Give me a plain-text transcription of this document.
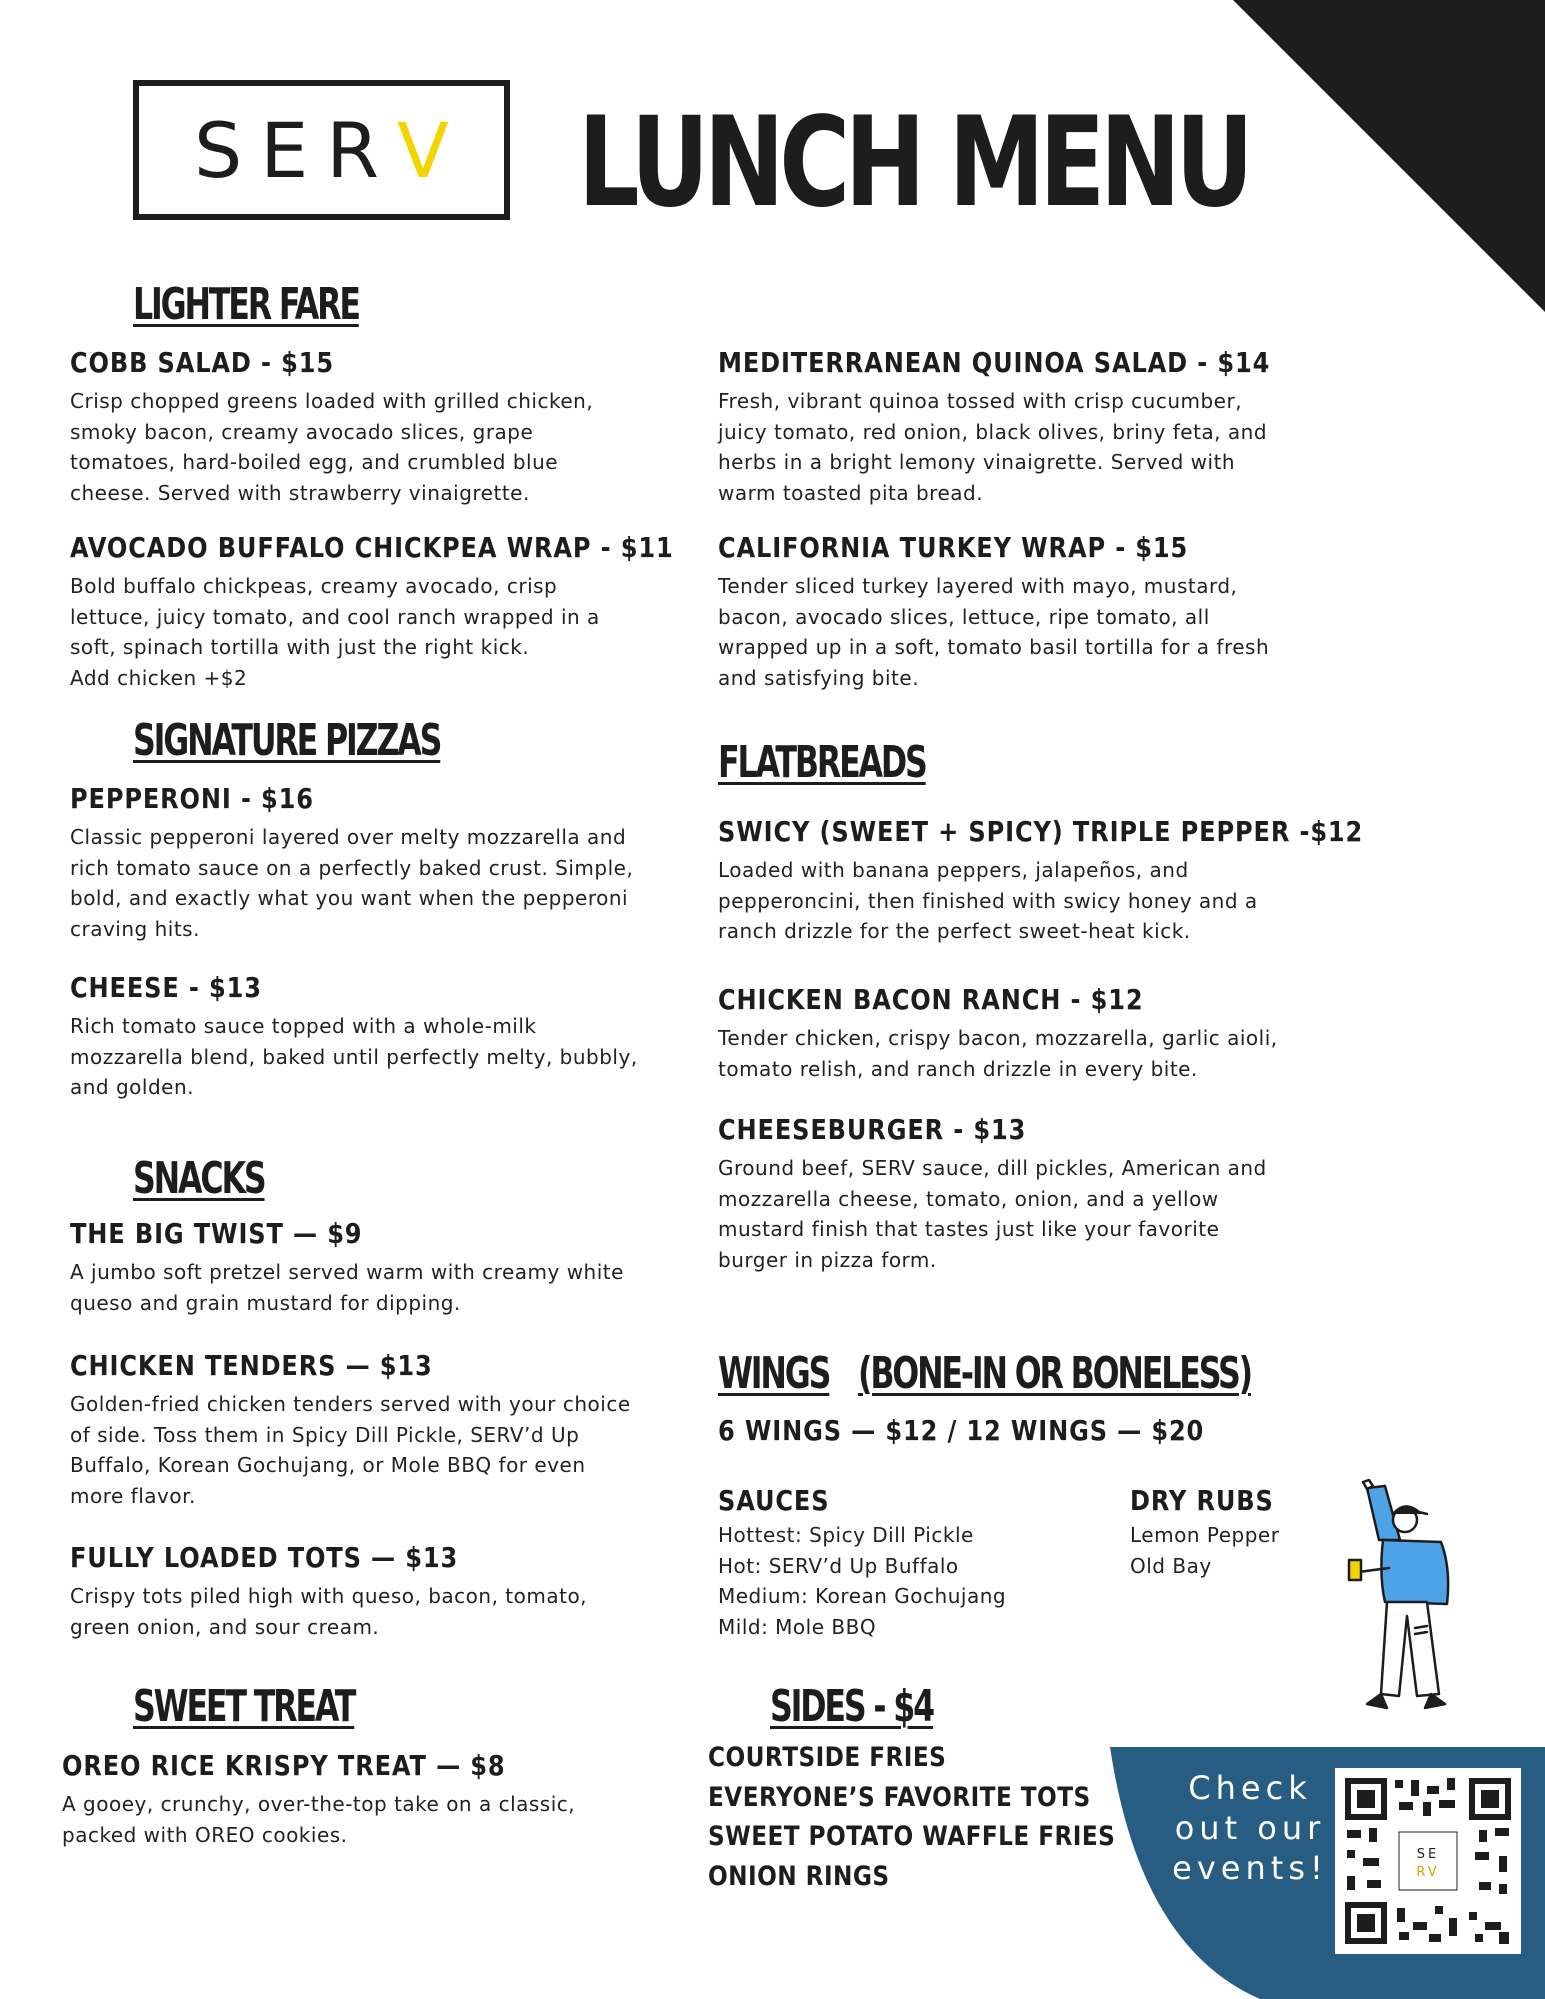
SER V LUNCH MENU
LIGHTER FARE
COBB SALAD - $15
Crisp chopped greens loaded with grilled chicken,
smoky bacon, creamy avocado slices, grape
tomatoes, hard-boiled egg, and crumbled blue
cheese. Served with strawberry vinaigrette.
MEDITERRANEAN QUINOA SALAD - $14
Fresh, vibrant quinoa tossed with crisp cucumber,
juicy tomato, red onion, black olives, briny feta, and
herbs in a bright lemony vinaigrette. Served with
warm toasted pita bread.
AVOCADO BUFFALO CHICKPEA WRAP - $11
Bold buffalo chickpeas, creamy avocado, crisp
lettuce, juicy tomato, and cool ranch wrapped in a
soft, spinach tortilla with just the right kick.
Add chicken +$2
CALIFORNIA TURKEY WRAP - $15
Tender sliced turkey layered with mayo, mustard,
bacon, avocado slices, lettuce, ripe tomato, all
wrapped up in a soft, tomato basil tortilla for a fresh
and satisfying bite.
SIGNATURE PIZZAS
PEPPERONI - $16
Classic pepperoni layered over melty mozzarella and
rich tomato sauce on a perfectly baked crust. Simple,
bold, and exactly what you want when the pepperoni
craving hits.
CHEESE - $13
Rich tomato sauce topped with a whole-milk
mozzarella blend, baked until perfectly melty, bubbly,
and golden.
FLATBREADS
SWICY (SWEET + SPICY) TRIPLE PEPPER -$12
Loaded with banana peppers, jalapeños, and
pepperoncini, then finished with swicy honey and a
ranch drizzle for the perfect sweet-heat kick.
CHICKEN BACON RANCH - $12
Tender chicken, crispy bacon, mozzarella, garlic aioli,
tomato relish, and ranch drizzle in every bite.
CHEESEBURGER - $13
Ground beef, SERV sauce, dill pickles, American and
mozzarella cheese, tomato, onion, and a yellow
mustard finish that tastes just like your favorite
burger in pizza form.
SNACKS
THE BIG TWIST — $9
A jumbo soft pretzel served warm with creamy white
queso and grain mustard for dipping.
CHICKEN TENDERS — $13
Golden-fried chicken tenders served with your choice
of side. Toss them in Spicy Dill Pickle, SERV’d Up
Buffalo, Korean Gochujang, or Mole BBQ for even
more flavor.
FULLY LOADED TOTS — $13
Crispy tots piled high with queso, bacon, tomato,
green onion, and sour cream.
WINGS (BONE-IN OR BONELESS)
6 WINGS — $12 / 12 WINGS — $20
SAUCES
Hottest: Spicy Dill Pickle
Hot: SERV’d Up Buffalo
Medium: Korean Gochujang
Mild: Mole BBQ
DRY RUBS
Lemon Pepper
Old Bay
SWEET TREAT
OREO RICE KRISPY TREAT — $8
A gooey, crunchy, over-the-top take on a classic,
packed with OREO cookies.
SIDES - $4
COURTSIDE FRIES
EVERYONE’S FAVORITE TOTS
SWEET POTATO WAFFLE FRIES
ONION RINGS
Check
out our
events!	SE
RV
